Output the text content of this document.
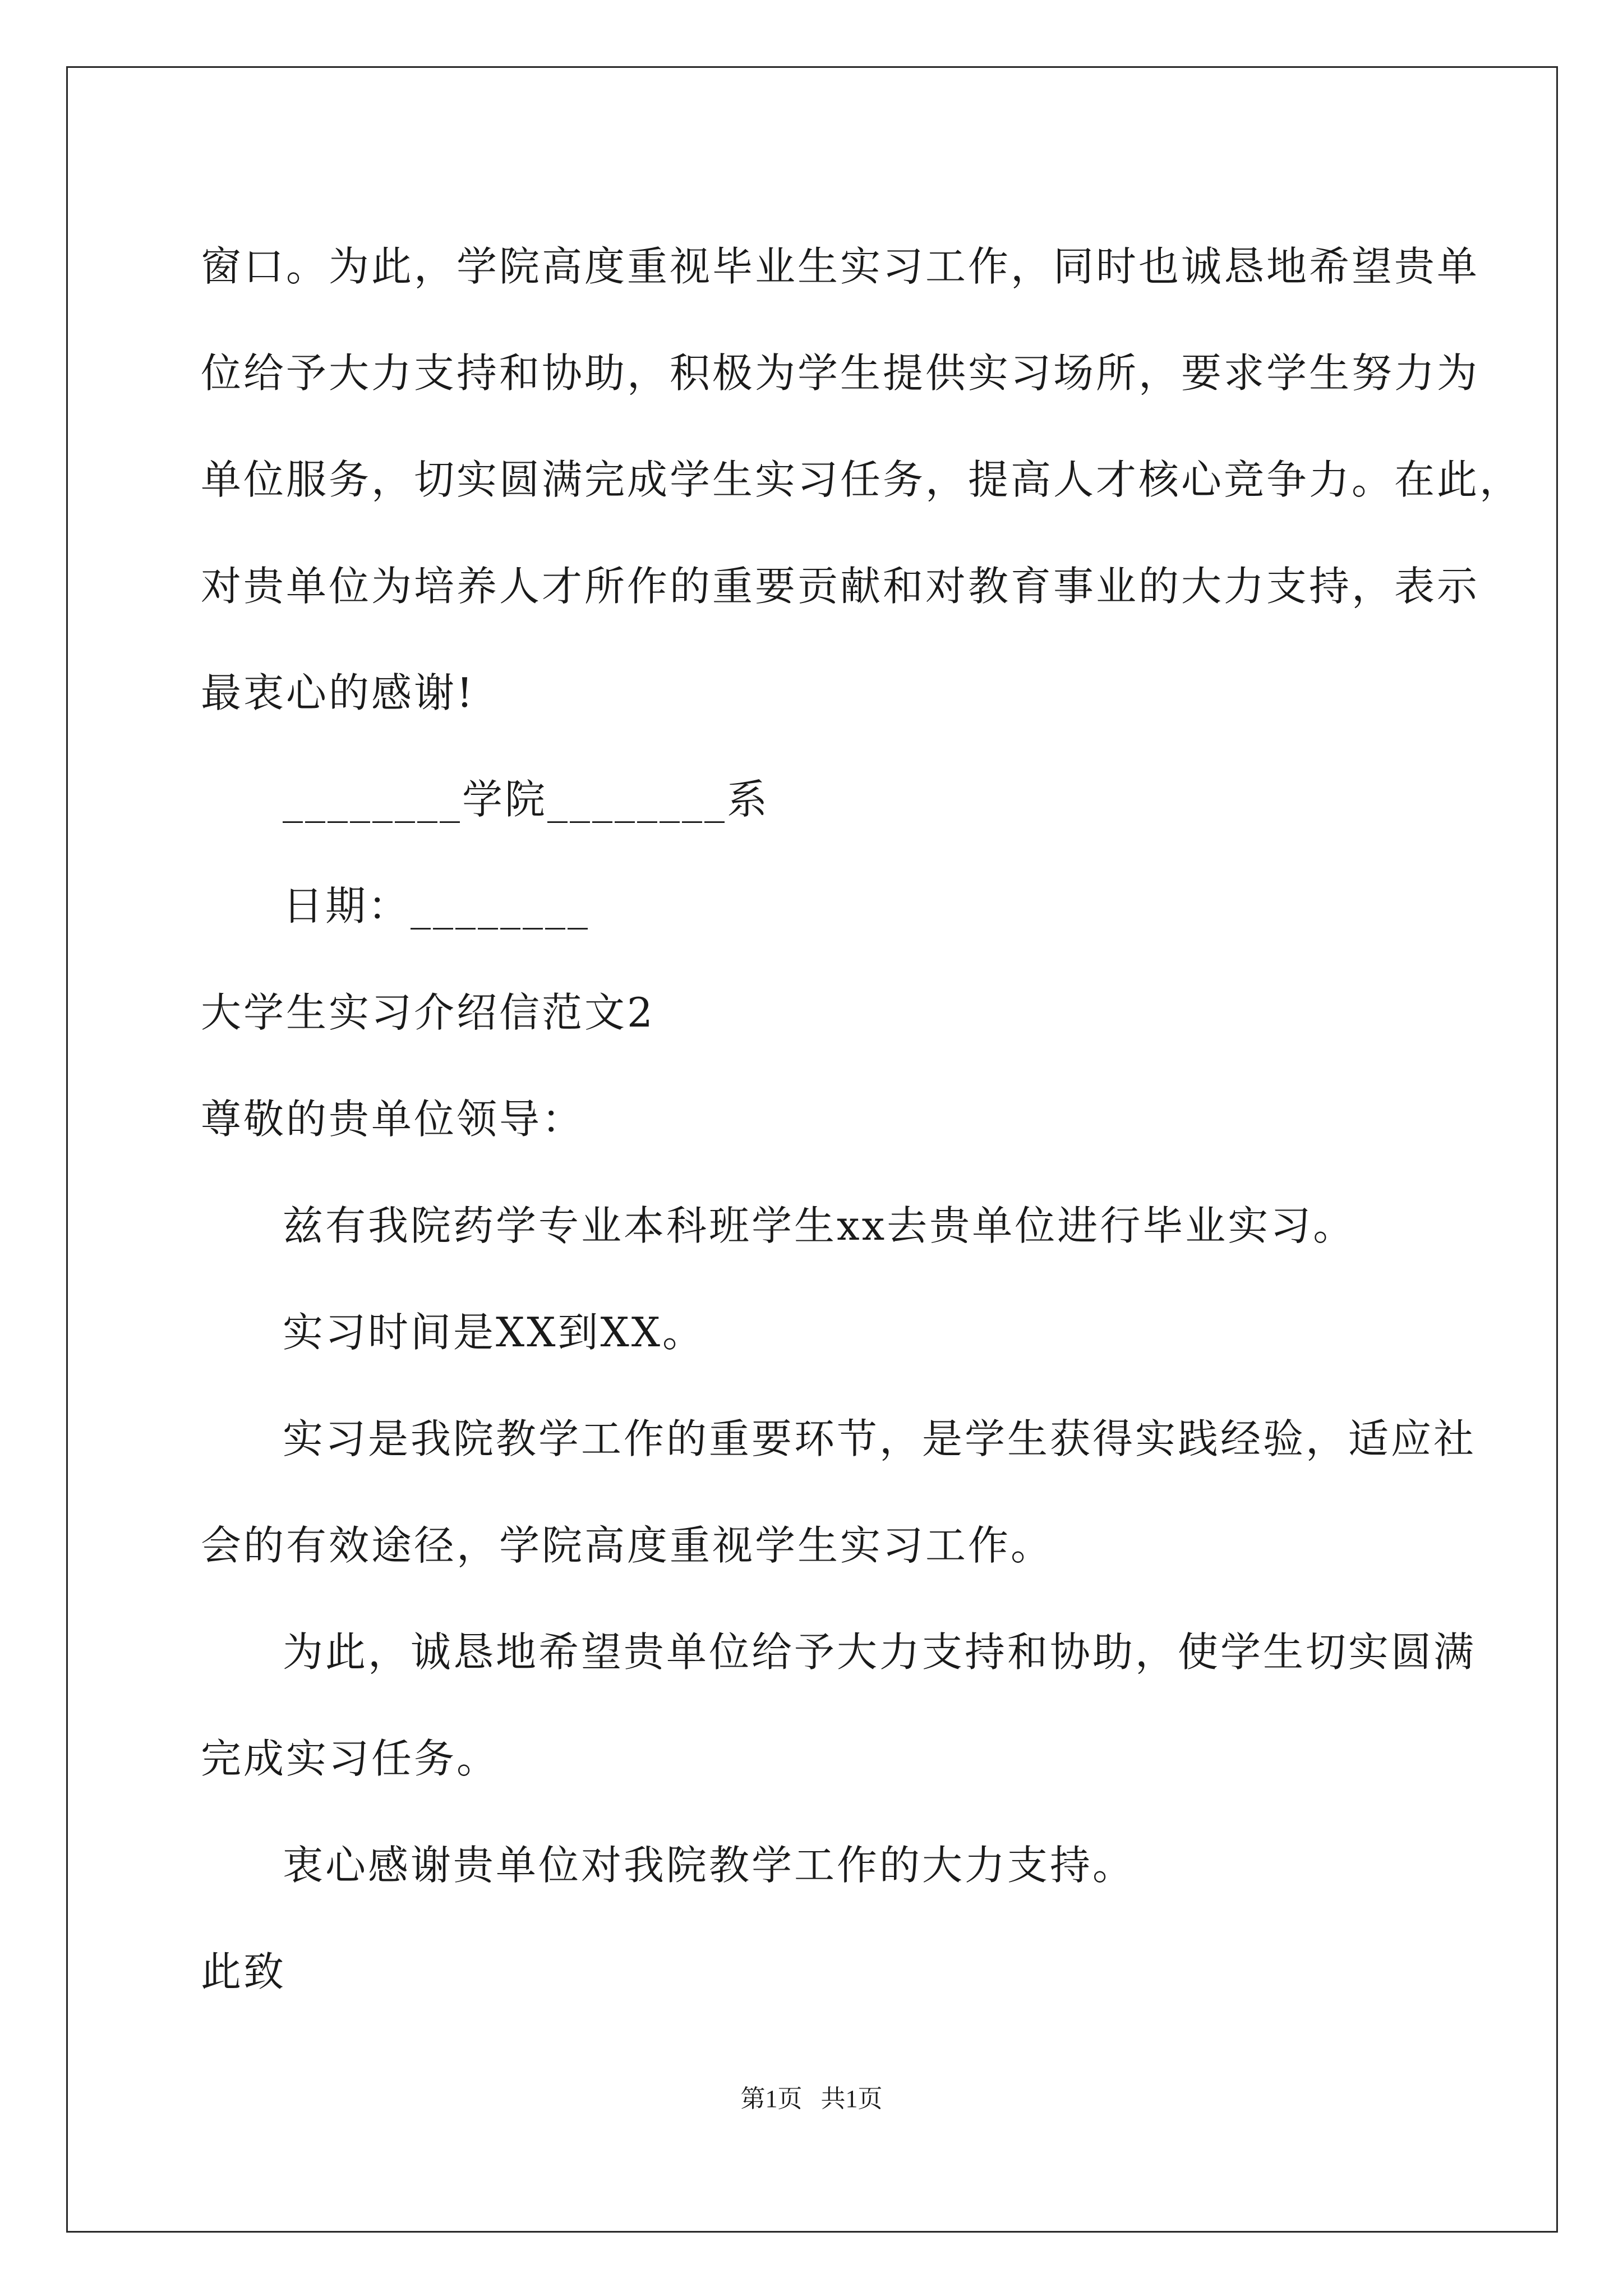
窗口。为此，学院高度重视毕业生实习工作，同时也诚恳地希望贵单
位给予大力支持和协助，积极为学生提供实习场所，要求学生努力为
单位服务，切实圆满完成学生实习任务，提高人才核心竞争力。在此，
对贵单位为培养人才所作的重要贡献和对教育事业的大力支持，表示
最衷心的感谢!
________学院________系
日期：________
大学生实习介绍信范文2
尊敬的贵单位领导：
兹有我院药学专业本科班学生xx去贵单位进行毕业实习。
实习时间是XX到XX。
实习是我院教学工作的重要环节，是学生获得实践经验，适应社
会的有效途径，学院高度重视学生实习工作。
为此，诚恳地希望贵单位给予大力支持和协助，使学生切实圆满
完成实习任务。
衷心感谢贵单位对我院教学工作的大力支持。
此致
第1页   共1页
